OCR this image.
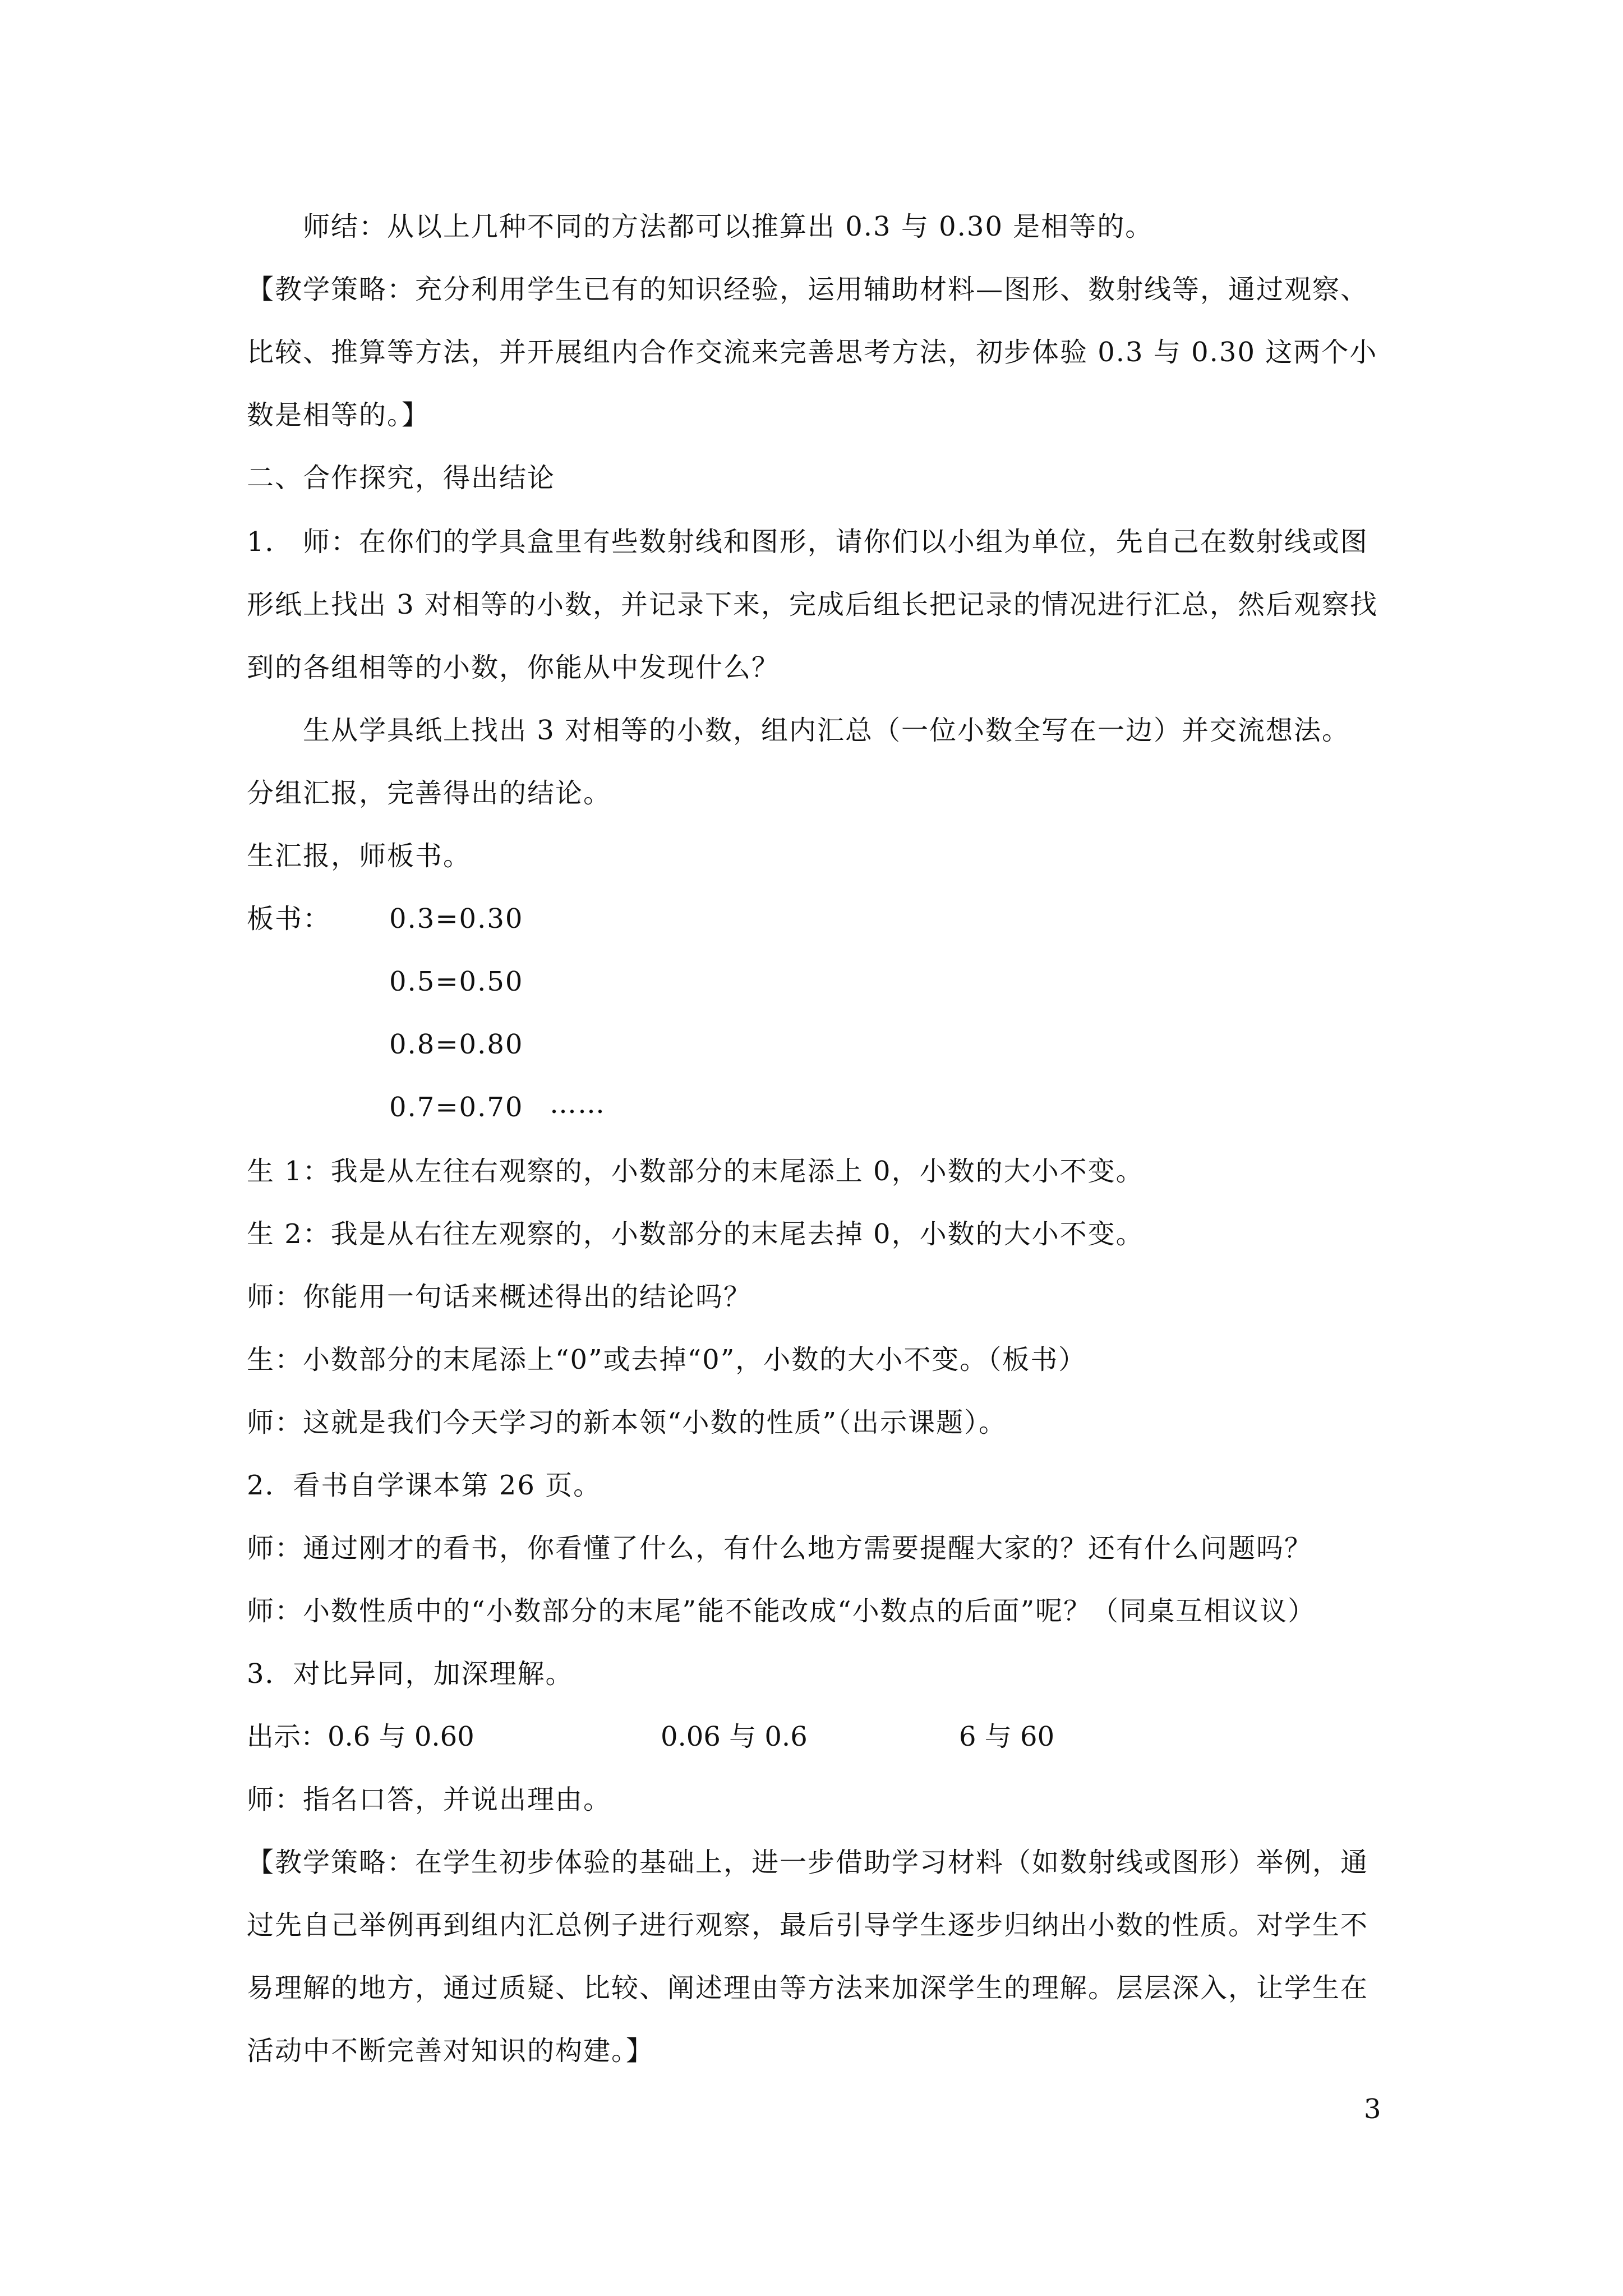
师结：从以上几种不同的方法都可以推算出 0.3 与 0.30 是相等的。
【教学策略：充分利用学生已有的知识经验，运用辅助材料—图形、数射线等，通过观察、
比较、推算等方法，并开展组内合作交流来完善思考方法，初步体验 0.3 与 0.30 这两个小
数是相等的。】
二、合作探究，得出结论
1． 师：在你们的学具盒里有些数射线和图形，请你们以小组为单位，先自己在数射线或图
形纸上找出 3 对相等的小数，并记录下来，完成后组长把记录的情况进行汇总，然后观察找
到的各组相等的小数，你能从中发现什么？
生从学具纸上找出 3 对相等的小数，组内汇总（一位小数全写在一边）并交流想法。
分组汇报，完善得出的结论。
生汇报，师板书。
板书： 0.3=0.30
0.5=0.50
0.8=0.80
0.7=0.70 ……
生 1：我是从左往右观察的，小数部分的末尾添上 0，小数的大小不变。
生 2：我是从右往左观察的，小数部分的末尾去掉 0，小数的大小不变。
师：你能用一句话来概述得出的结论吗？
生：小数部分的末尾添上“0”或去掉“0”，小数的大小不变。（板书）
师：这就是我们今天学习的新本领“小数的性质”（出示课题）。
2．看书自学课本第 26 页。
师：通过刚才的看书，你看懂了什么，有什么地方需要提醒大家的？还有什么问题吗？
师：小数性质中的“小数部分的末尾”能不能改成“小数点的后面”呢？（同桌互相议议）
3．对比异同，加深理解。
出示：0.6 与 0.60	0.06 与 0.6	6 与 60
师：指名口答，并说出理由。
【教学策略：在学生初步体验的基础上，进一步借助学习材料（如数射线或图形）举例，通
过先自己举例再到组内汇总例子进行观察，最后引导学生逐步归纳出小数的性质。对学生不
易理解的地方，通过质疑、比较、阐述理由等方法来加深学生的理解。层层深入，让学生在
活动中不断完善对知识的构建。】
3
